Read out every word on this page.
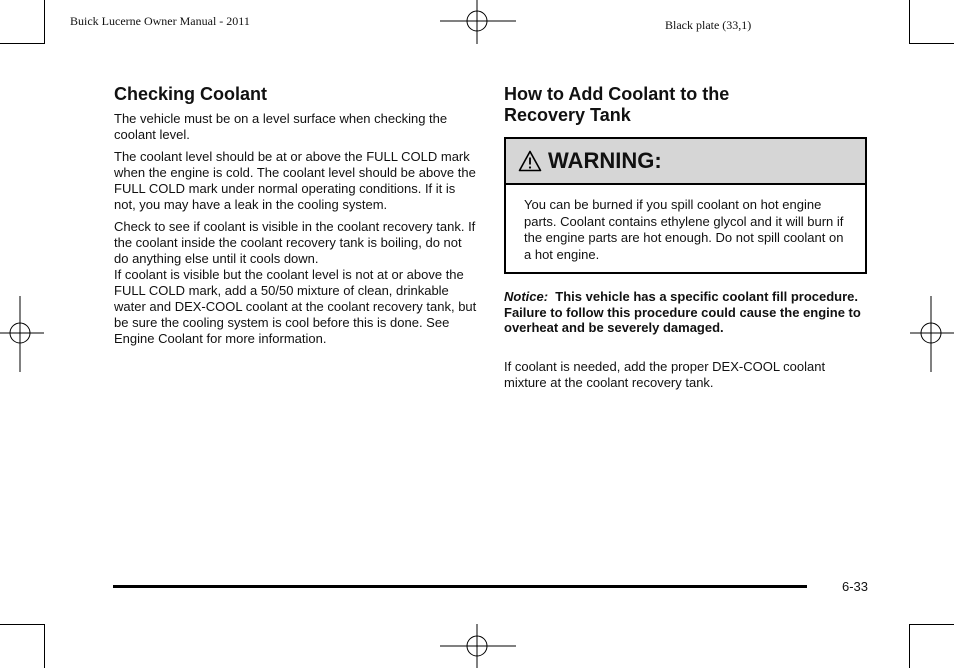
Buick Lucerne Owner Manual - 2011	Black plate (33,1)
Checking Coolant
The vehicle must be on a level surface when checking the coolant level.
The coolant level should be at or above the FULL COLD mark when the engine is cold. The coolant level should be above the FULL COLD mark under normal operating conditions. If it is not, you may have a leak in the cooling system.
Check to see if coolant is visible in the coolant recovery tank. If the coolant inside the coolant recovery tank is boiling, do not do anything else until it cools down.
If coolant is visible but the coolant level is not at or above the FULL COLD mark, add a 50/50 mixture of clean, drinkable water and DEX-COOL coolant at the coolant recovery tank, but be sure the cooling system is cool before this is done. See Engine Coolant for more information.
How to Add Coolant to the
Recovery Tank
WARNING:
You can be burned if you spill coolant on hot engine parts. Coolant contains ethylene glycol and it will burn if the engine parts are hot enough. Do not spill coolant on a hot engine.
Notice: This vehicle has a specific coolant fill procedure. Failure to follow this procedure could cause the engine to overheat and be severely damaged.
If coolant is needed, add the proper DEX-COOL coolant mixture at the coolant recovery tank.
6-33
